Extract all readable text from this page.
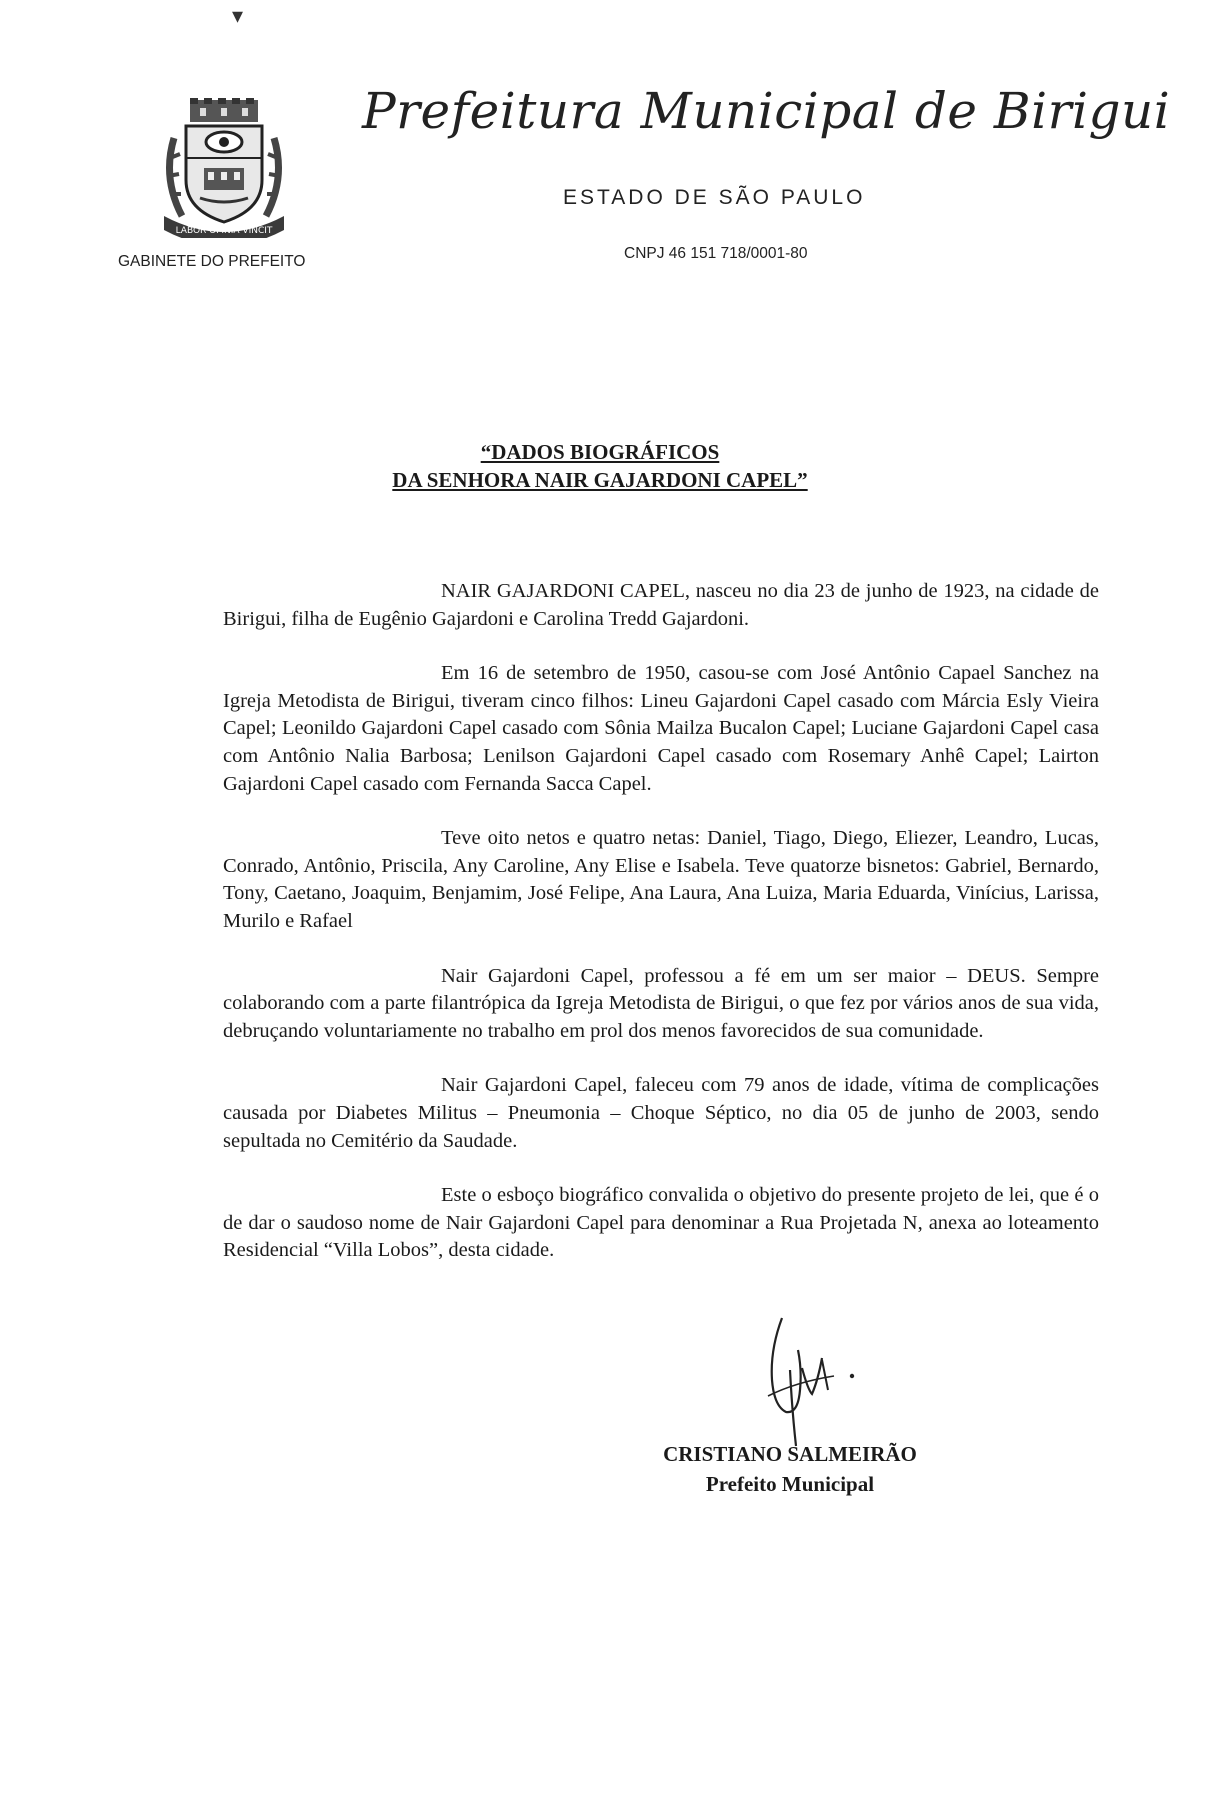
▾
LABOR OMNIA VINCIT
Prefeitura Municipal de Birigui
ESTADO DE SÃO PAULO
GABINETE DO PREFEITO	CNPJ 46 151 718/0001-80
“DADOS BIOGRÁFICOS
DA SENHORA NAIR GAJARDONI CAPEL”

NAIR GAJARDONI CAPEL, nasceu no dia 23 de junho de 1923, na cidade de Birigui, filha de Eugênio Gajardoni e Carolina Tredd Gajardoni.

Em 16 de setembro de 1950, casou-se com José Antônio Capael Sanchez na Igreja Metodista de Birigui, tiveram cinco filhos: Lineu Gajardoni Capel casado com Márcia Esly Vieira Capel; Leonildo Gajardoni Capel casado com Sônia Mailza Bucalon Capel; Luciane Gajardoni Capel casa com Antônio Nalia Barbosa; Lenilson Gajardoni Capel casado com Rosemary Anhê Capel; Lairton Gajardoni Capel casado com Fernanda Sacca Capel.

Teve oito netos e quatro netas: Daniel, Tiago, Diego, Eliezer, Leandro, Lucas, Conrado, Antônio, Priscila, Any Caroline, Any Elise e Isabela. Teve quatorze bisnetos: Gabriel, Bernardo, Tony, Caetano, Joaquim, Benjamim, José Felipe, Ana Laura, Ana Luiza, Maria Eduarda, Vinícius, Larissa, Murilo e Rafael

Nair Gajardoni Capel, professou a fé em um ser maior – DEUS. Sempre colaborando com a parte filantrópica da Igreja Metodista de Birigui, o que fez por vários anos de sua vida, debruçando voluntariamente no trabalho em prol dos menos favorecidos de sua comunidade.

Nair Gajardoni Capel, faleceu com 79 anos de idade, vítima de complicações causada por Diabetes Militus – Pneumonia – Choque Séptico, no dia 05 de junho de 2003, sendo sepultada no Cemitério da Saudade.

Este o esboço biográfico convalida o objetivo do presente projeto de lei, que é o de dar o saudoso nome de Nair Gajardoni Capel para denominar a Rua Projetada N, anexa ao loteamento Residencial “Villa Lobos”, desta cidade.

CRISTIANO SALMEIRÃO
Prefeito Municipal
